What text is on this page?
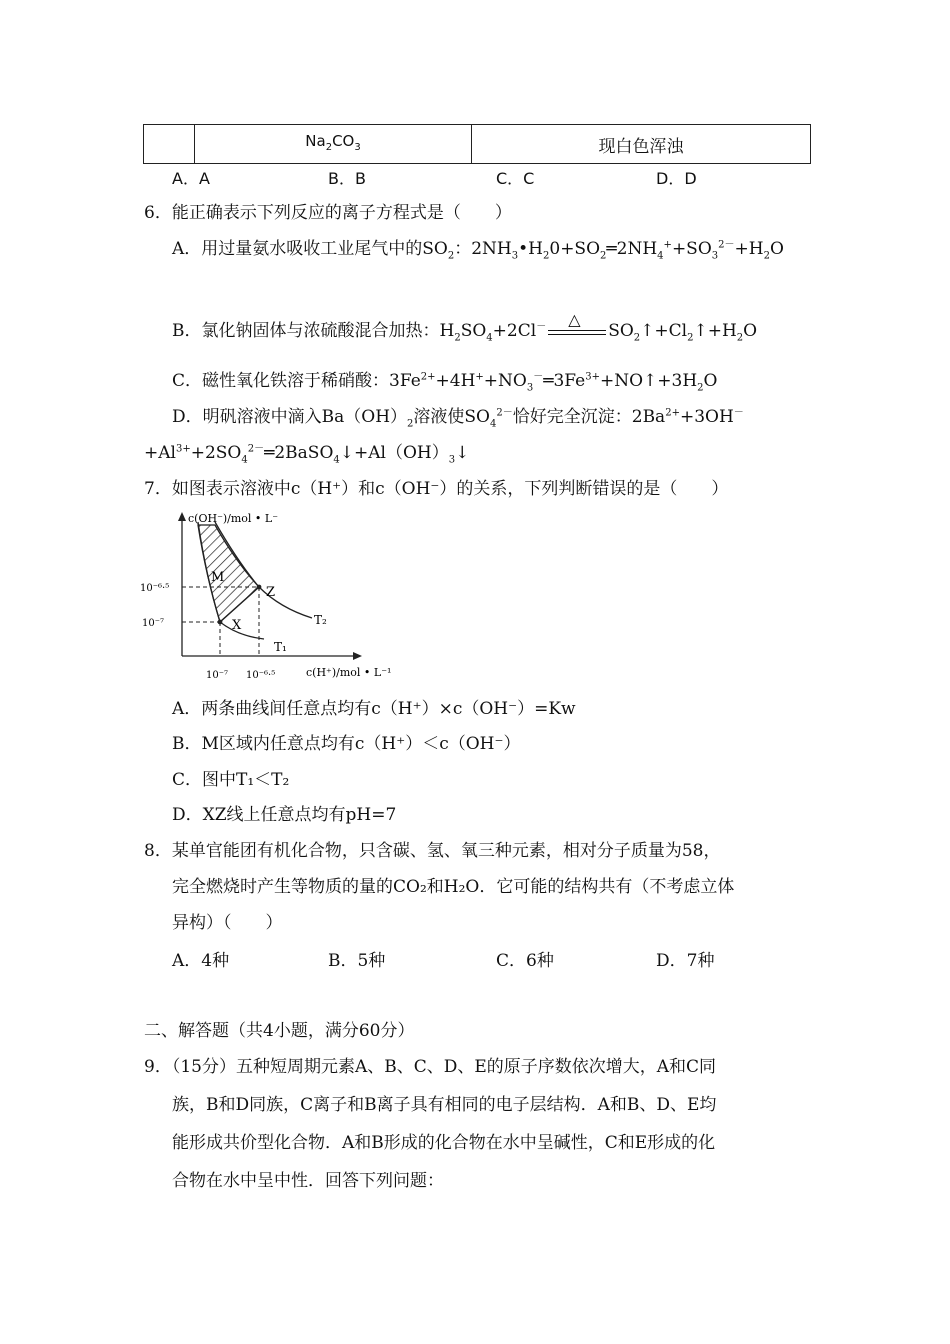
$Na_2CO_3$	现白色浑浊
A．A	B．B	C．C	D．D
6．能正确表示下列反应的离子方程式是（　　）
A．用过量氨水吸收工业尾气中的$SO_2$：$2NH_3•H_20+SO_2═2NH_4^++SO_3^{2-}+H_2O$
B．氯化钠固体与浓硫酸混合加热：$H_2SO_4+2Cl^-$ △
$SO_2↑+Cl_2↑+H_2O$
C．磁性氧化铁溶于稀硝酸：$3Fe^{2+}+4H^++NO_3^-═3Fe^{3+}+NO↑+3H_2O$
D．明矾溶液中滴入$Ba(OH)_2$溶液使$SO_4^{2-}$恰好完全沉淀：$2Ba^{2+}+3OH^-$
$+Al^{3+}+2SO_4^{2-}═2BaSO_4↓+Al(OH)_3↓$
7．如图表示溶液中c（H⁺）和c（OH⁻）的关系，下列判断错误的是（　　）
c(OH⁻)/mol • L⁻
c(H⁺)/mol • L⁻¹
10⁻⁶·⁵
10⁻⁷
10⁻⁷ 10⁻⁶·⁵
M
X
Z
T₂
T₁
A．两条曲线间任意点均有c（H⁺）×c（OH⁻）=Kw
B．M区域内任意点均有c（H⁺）＜c（OH⁻）
C．图中T₁＜T₂
D．XZ线上任意点均有pH=7
8．某单官能团有机化合物，只含碳、氢、氧三种元素，相对分子质量为58，
完全燃烧时产生等物质的量的CO₂和H₂O．它可能的结构共有（不考虑立体
异构）（　　）
A．4种	B．5种	C．6种	D．7种
二、解答题（共4小题，满分60分）
9．（15分）五种短周期元素A、B、C、D、E的原子序数依次增大，A和C同
族，B和D同族，C离子和B离子具有相同的电子层结构．A和B、D、E均
能形成共价型化合物．A和B形成的化合物在水中呈碱性，C和E形成的化
合物在水中呈中性．回答下列问题：
